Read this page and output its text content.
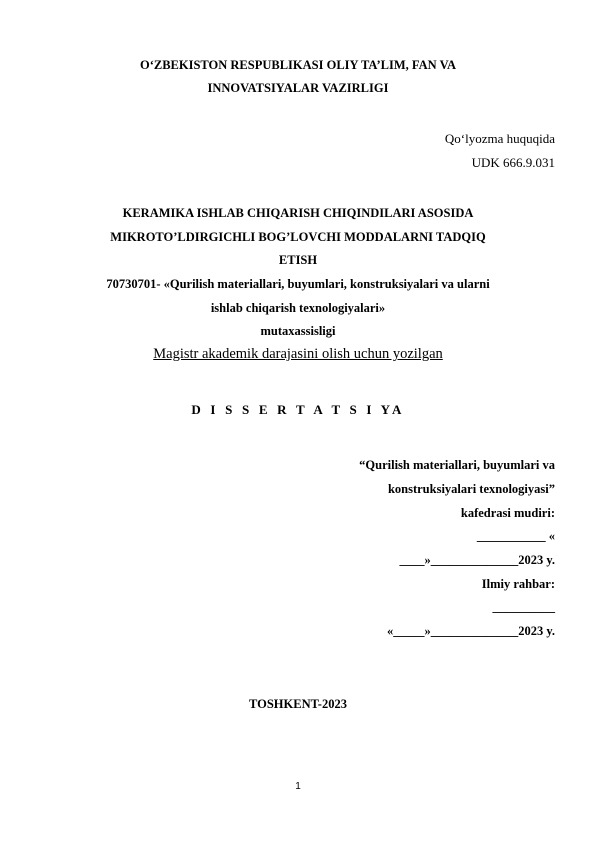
O‘ZBEKISTON RESPUBLIKASI OLIY TA’LIM, FAN VA
INNOVATSIYALAR VAZIRLIGI
Qo‘lyozma huquqida
UDK 666.9.031
KERAMIKA ISHLAB CHIQARISH CHIQINDILARI ASOSIDA
MIKROTO’LDIRGICHLI BOG’LOVCHI MODDALARNI TADQIQ
ETISH
70730701- «Qurilish materiallari, buyumlari, konstruksiyalari va ularni
ishlab chiqarish texnologiyalari»
mutaxassisligi
Magistr akademik darajasini olish uchun yozilgan
D I S S E R T A T S I YA
“Qurilish materiallari, buyumlari va
konstruksiyalari texnologiyasi”
kafedrasi mudiri:
___________ «
____»______________2023 y.
Ilmiy rahbar:
__________
«_____»______________2023 y.
TOSHKENT-2023
1
